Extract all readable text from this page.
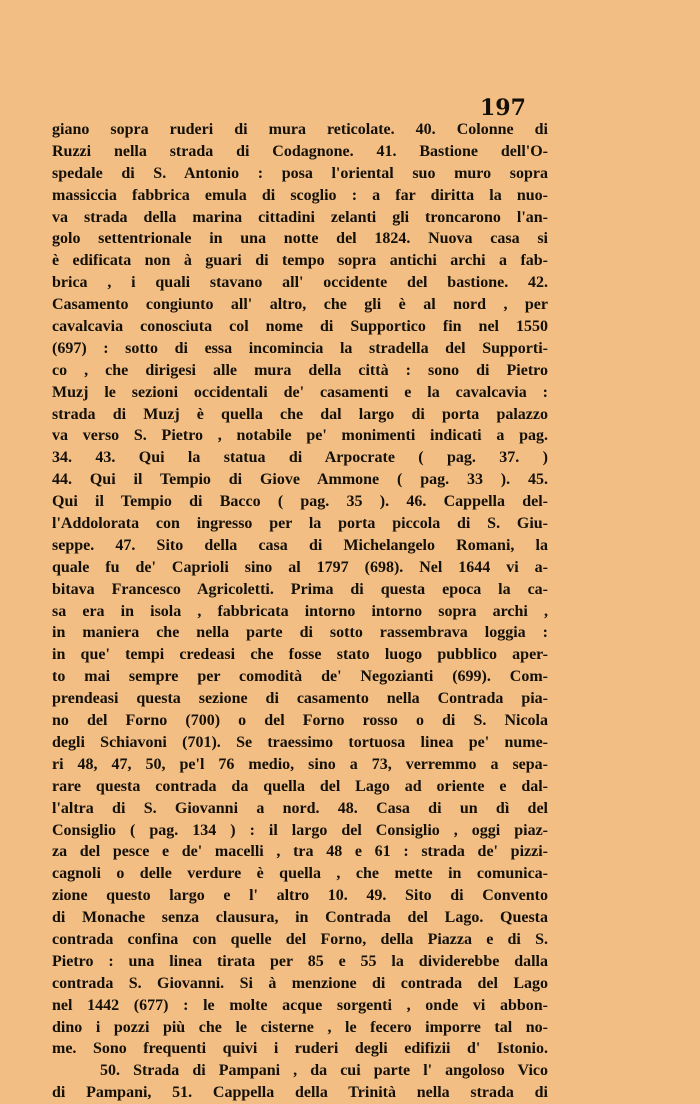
197
giano sopra ruderi di mura reticolate. 40. Colonne di
Ruzzi nella strada di Codagnone. 41. Bastione dell'O-
spedale di S. Antonio : posa l'oriental suo muro sopra
massiccia fabbrica emula di scoglio : a far diritta la nuo-
va strada della marina cittadini zelanti gli troncarono l'an-
golo settentrionale in una notte del 1824. Nuova casa si
è edificata non à guari di tempo sopra antichi archi a fab-
brica , i quali stavano all' occidente del bastione. 42.
Casamento congiunto all' altro, che gli è al nord , per
cavalcavia conosciuta col nome di Supportico fin nel 1550
(697) : sotto di essa incomincia la stradella del Supporti-
co , che dirigesi alle mura della città : sono di Pietro
Muzj le sezioni occidentali de' casamenti e la cavalcavia :
strada di Muzj è quella che dal largo di porta palazzo
va verso S. Pietro , notabile pe' monimenti indicati a pag.
34. 43. Qui la statua di Arpocrate ( pag. 37. )
44. Qui il Tempio di Giove Ammone ( pag. 33 ). 45.
Qui il Tempio di Bacco ( pag. 35 ). 46. Cappella del-
l'Addolorata con ingresso per la porta piccola di S. Giu-
seppe. 47. Sito della casa di Michelangelo Romani, la
quale fu de' Caprioli sino al 1797 (698). Nel 1644 vi a-
bitava Francesco Agricoletti. Prima di questa epoca la ca-
sa era in isola , fabbricata intorno intorno sopra archi ,
in maniera che nella parte di sotto rassembrava loggia :
in que' tempi credeasi che fosse stato luogo pubblico aper-
to mai sempre per comodità de' Negozianti (699). Com-
prendeasi questa sezione di casamento nella Contrada pia-
no del Forno (700) o del Forno rosso o di S. Nicola
degli Schiavoni (701). Se traessimo tortuosa linea pe' nume-
ri 48, 47, 50, pe'l 76 medio, sino a 73, verremmo a sepa-
rare questa contrada da quella del Lago ad oriente e dal-
l'altra di S. Giovanni a nord. 48. Casa di un dì del
Consiglio ( pag. 134 ) : il largo del Consiglio , oggi piaz-
za del pesce e de' macelli , tra 48 e 61 : strada de' pizzi-
cagnoli o delle verdure è quella , che mette in comunica-
zione questo largo e l' altro 10. 49. Sito di Convento
di Monache senza clausura, in Contrada del Lago. Questa
contrada confina con quelle del Forno, della Piazza e di S.
Pietro : una linea tirata per 85 e 55 la dividerebbe dalla
contrada S. Giovanni. Si à menzione di contrada del Lago
nel 1442 (677) : le molte acque sorgenti , onde vi abbon-
dino i pozzi più che le cisterne , le fecero imporre tal no-
me. Sono frequenti quivi i ruderi degli edifizii d' Istonio.
50. Strada di Pampani , da cui parte l' angoloso Vico
di Pampani, 51. Cappella della Trinità nella strada di
